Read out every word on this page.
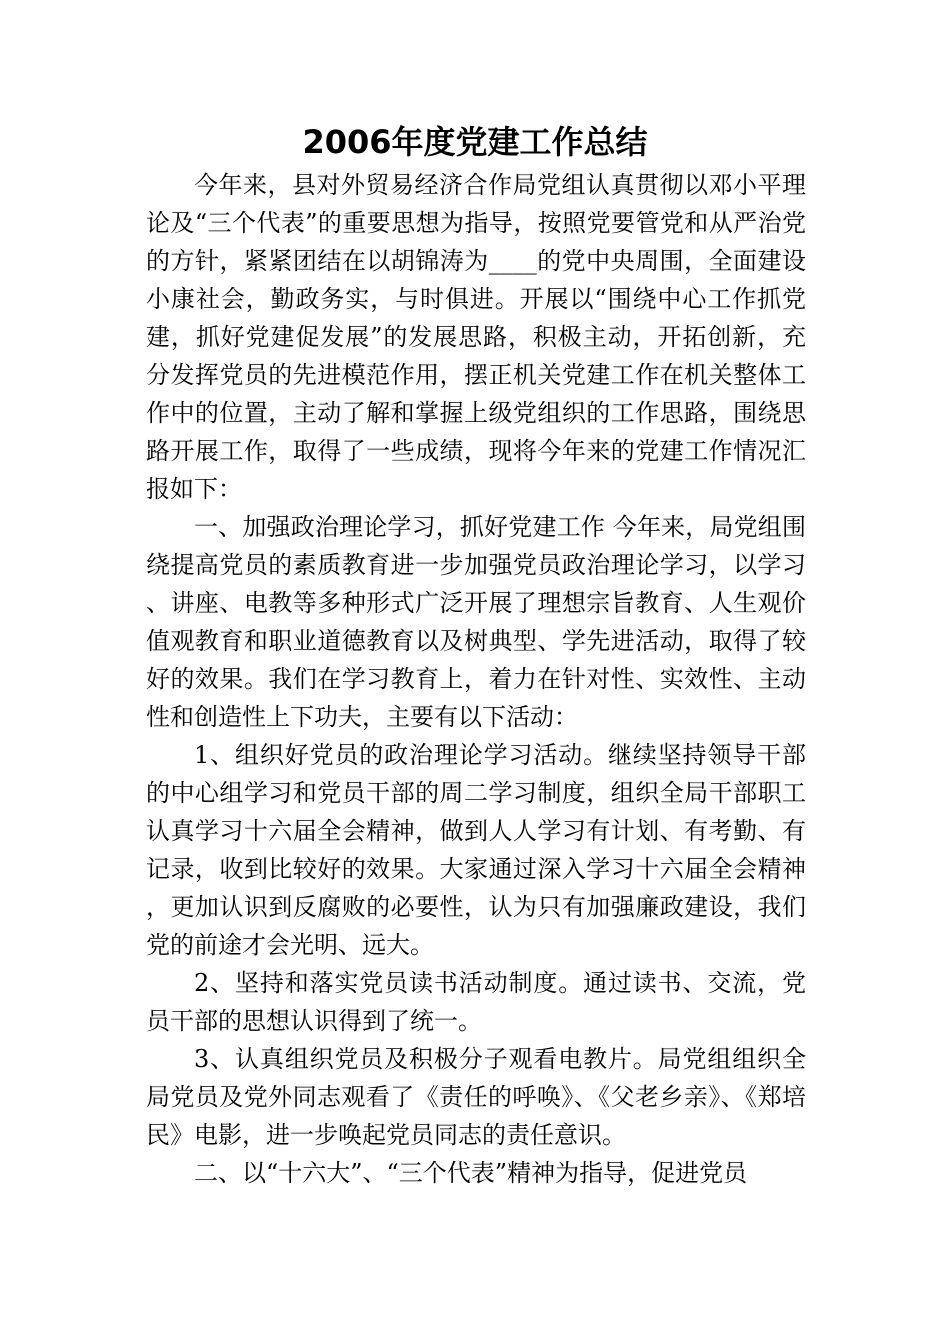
2006年度党建工作总结

今年来，县对外贸易经济合作局党组认真贯彻以邓小平理论及“三个代表”的重要思想为指导，按照党要管党和从严治党的方针，紧紧团结在以胡锦涛为____的党中央周围，全面建设小康社会，勤政务实，与时俱进。开展以“围绕中心工作抓党建，抓好党建促发展”的发展思路，积极主动，开拓创新，充分发挥党员的先进模范作用，摆正机关党建工作在机关整体工作中的位置，主动了解和掌握上级党组织的工作思路，围绕思路开展工作，取得了一些成绩，现将今年来的党建工作情况汇报如下：

一、加强政治理论学习，抓好党建工作 今年来，局党组围绕提高党员的素质教育进一步加强党员政治理论学习，以学习、讲座、电教等多种形式广泛开展了理想宗旨教育、人生观价值观教育和职业道德教育以及树典型、学先进活动，取得了较好的效果。我们在学习教育上，着力在针对性、实效性、主动性和创造性上下功夫，主要有以下活动：

1、组织好党员的政治理论学习活动。继续坚持领导干部的中心组学习和党员干部的周二学习制度，组织全局干部职工认真学习十六届全会精神，做到人人学习有计划、有考勤、有记录，收到比较好的效果。大家通过深入学习十六届全会精神，更加认识到反腐败的必要性，认为只有加强廉政建设，我们党的前途才会光明、远大。

2、坚持和落实党员读书活动制度。通过读书、交流，党员干部的思想认识得到了统一。

3、认真组织党员及积极分子观看电教片。局党组组织全局党员及党外同志观看了《责任的呼唤》、《父老乡亲》、《郑培民》电影，进一步唤起党员同志的责任意识。

二、以“十六大”、“三个代表”精神为指导，促进党员
